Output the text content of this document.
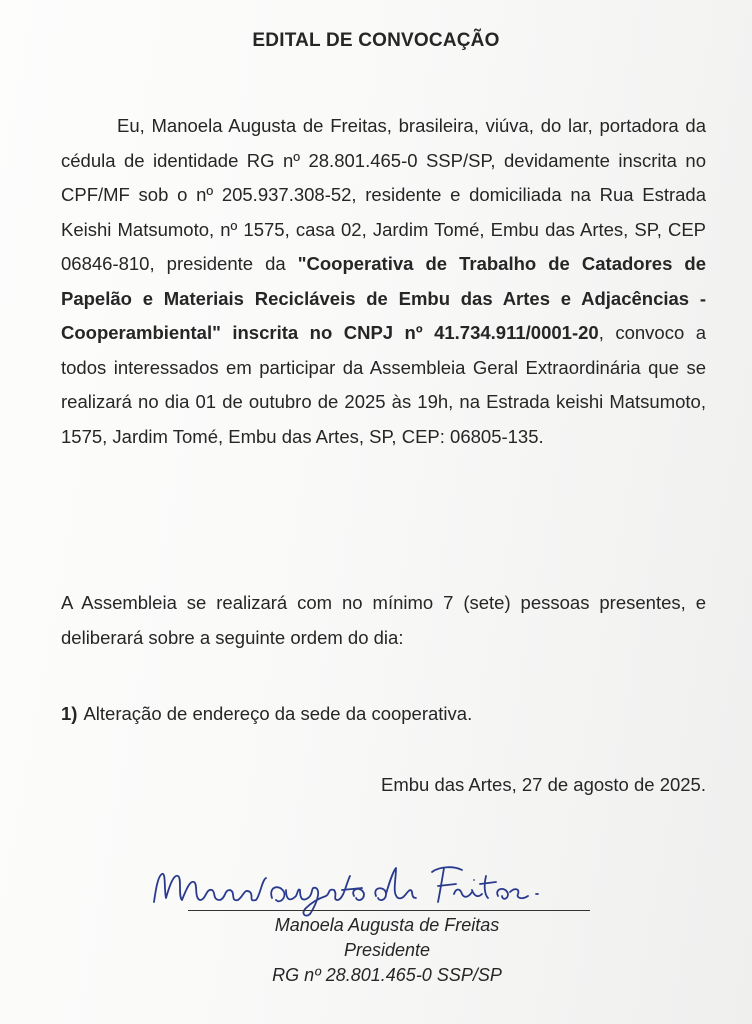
EDITAL DE CONVOCAÇÃO
Eu, Manoela Augusta de Freitas, brasileira, viúva, do lar, portadora da cédula de identidade RG nº 28.801.465-0 SSP/SP, devidamente inscrita no CPF/MF sob o nº 205.937.308-52, residente e domiciliada na Rua Estrada Keishi Matsumoto, nº 1575, casa 02, Jardim Tomé, Embu das Artes, SP, CEP 06846-810, presidente da "Cooperativa de Trabalho de Catadores de Papelão e Materiais Recicláveis de Embu das Artes e Adjacências - Cooperambiental" inscrita no CNPJ nº 41.734.911/0001-20, convoco a todos interessados em participar da Assembleia Geral Extraordinária que se realizará no dia 01 de outubro de 2025 às 19h, na Estrada keishi Matsumoto, 1575, Jardim Tomé, Embu das Artes, SP, CEP: 06805-135.
A Assembleia se realizará com no mínimo 7 (sete) pessoas presentes, e deliberará sobre a seguinte ordem do dia:
1) Alteração de endereço da sede da cooperativa.
Embu das Artes, 27 de agosto de 2025.
Manoela Augusta de Freitas
Presidente
RG nº 28.801.465-0 SSP/SP
